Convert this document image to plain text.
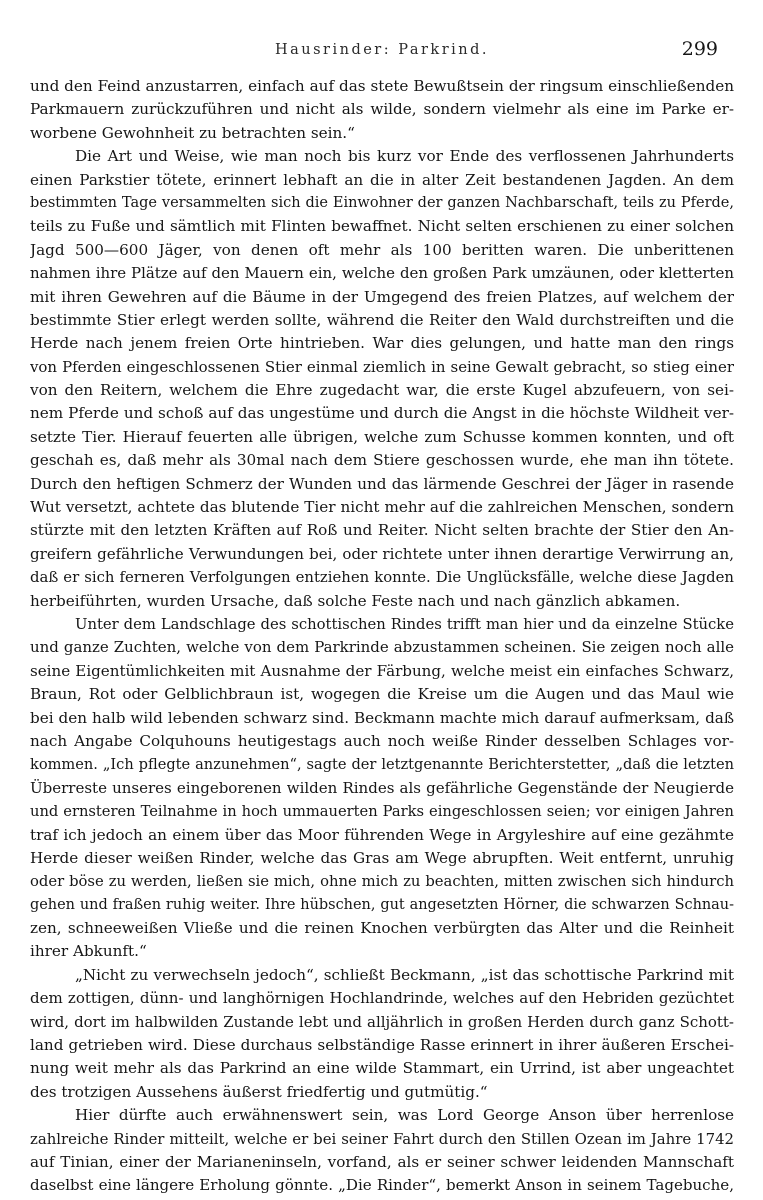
Hausrinder: Parkrind.	299
und den Feind anzustarren, einfach auf das stete Bewußtsein der ringsum einschließenden
Parkmauern zurückzuführen und nicht als wilde, sondern vielmehr als eine im Parke er-
worbene Gewohnheit zu betrachten sein.“
Die Art und Weise, wie man noch bis kurz vor Ende des verflossenen Jahrhunderts
einen Parkstier tötete, erinnert lebhaft an die in alter Zeit bestandenen Jagden. An dem
bestimmten Tage versammelten sich die Einwohner der ganzen Nachbarschaft, teils zu Pferde,
teils zu Fuße und sämtlich mit Flinten bewaffnet. Nicht selten erschienen zu einer solchen
Jagd 500—600 Jäger, von denen oft mehr als 100 beritten waren. Die unberittenen
nahmen ihre Plätze auf den Mauern ein, welche den großen Park umzäunen, oder kletterten
mit ihren Gewehren auf die Bäume in der Umgegend des freien Platzes, auf welchem der
bestimmte Stier erlegt werden sollte, während die Reiter den Wald durchstreiften und die
Herde nach jenem freien Orte hintrieben. War dies gelungen, und hatte man den rings
von Pferden eingeschlossenen Stier einmal ziemlich in seine Gewalt gebracht, so stieg einer
von den Reitern, welchem die Ehre zugedacht war, die erste Kugel abzufeuern, von sei-
nem Pferde und schoß auf das ungestüme und durch die Angst in die höchste Wildheit ver-
setzte Tier. Hierauf feuerten alle übrigen, welche zum Schusse kommen konnten, und oft
geschah es, daß mehr als 30mal nach dem Stiere geschossen wurde, ehe man ihn tötete.
Durch den heftigen Schmerz der Wunden und das lärmende Geschrei der Jäger in rasende
Wut versetzt, achtete das blutende Tier nicht mehr auf die zahlreichen Menschen, sondern
stürzte mit den letzten Kräften auf Roß und Reiter. Nicht selten brachte der Stier den An-
greifern gefährliche Verwundungen bei, oder richtete unter ihnen derartige Verwirrung an,
daß er sich ferneren Verfolgungen entziehen konnte. Die Unglücksfälle, welche diese Jagden
herbeiführten, wurden Ursache, daß solche Feste nach und nach gänzlich abkamen.
Unter dem Landschlage des schottischen Rindes trifft man hier und da einzelne Stücke
und ganze Zuchten, welche von dem Parkrinde abzustammen scheinen. Sie zeigen noch alle
seine Eigentümlichkeiten mit Ausnahme der Färbung, welche meist ein einfaches Schwarz,
Braun, Rot oder Gelblichbraun ist, wogegen die Kreise um die Augen und das Maul wie
bei den halb wild lebenden schwarz sind. Beckmann machte mich darauf aufmerksam, daß
nach Angabe Colquhouns heutigestags auch noch weiße Rinder desselben Schlages vor-
kommen. „Ich pflegte anzunehmen“, sagte der letztgenannte Berichterstetter, „daß die letzten
Überreste unseres eingeborenen wilden Rindes als gefährliche Gegenstände der Neugierde
und ernsteren Teilnahme in hoch ummauerten Parks eingeschlossen seien; vor einigen Jahren
traf ich jedoch an einem über das Moor führenden Wege in Argyleshire auf eine gezähmte
Herde dieser weißen Rinder, welche das Gras am Wege abrupften. Weit entfernt, unruhig
oder böse zu werden, ließen sie mich, ohne mich zu beachten, mitten zwischen sich hindurch
gehen und fraßen ruhig weiter. Ihre hübschen, gut angesetzten Hörner, die schwarzen Schnau-
zen, schneeweißen Vließe und die reinen Knochen verbürgten das Alter und die Reinheit
ihrer Abkunft.“
„Nicht zu verwechseln jedoch“, schließt Beckmann, „ist das schottische Parkrind mit
dem zottigen, dünn- und langhörnigen Hochlandrinde, welches auf den Hebriden gezüchtet
wird, dort im halbwilden Zustande lebt und alljährlich in großen Herden durch ganz Schott-
land getrieben wird. Diese durchaus selbständige Rasse erinnert in ihrer äußeren Erschei-
nung weit mehr als das Parkrind an eine wilde Stammart, ein Urrind, ist aber ungeachtet
des trotzigen Aussehens äußerst friedfertig und gutmütig.“
Hier dürfte auch erwähnenswert sein, was Lord George Anson über herrenlose
zahlreiche Rinder mitteilt, welche er bei seiner Fahrt durch den Stillen Ozean im Jahre 1742
auf Tinian, einer der Marianeninseln, vorfand, als er seiner schwer leidenden Mannschaft
daselbst eine längere Erholung gönnte. „Die Rinder“, bemerkt Anson in seinem Tagebuche,
